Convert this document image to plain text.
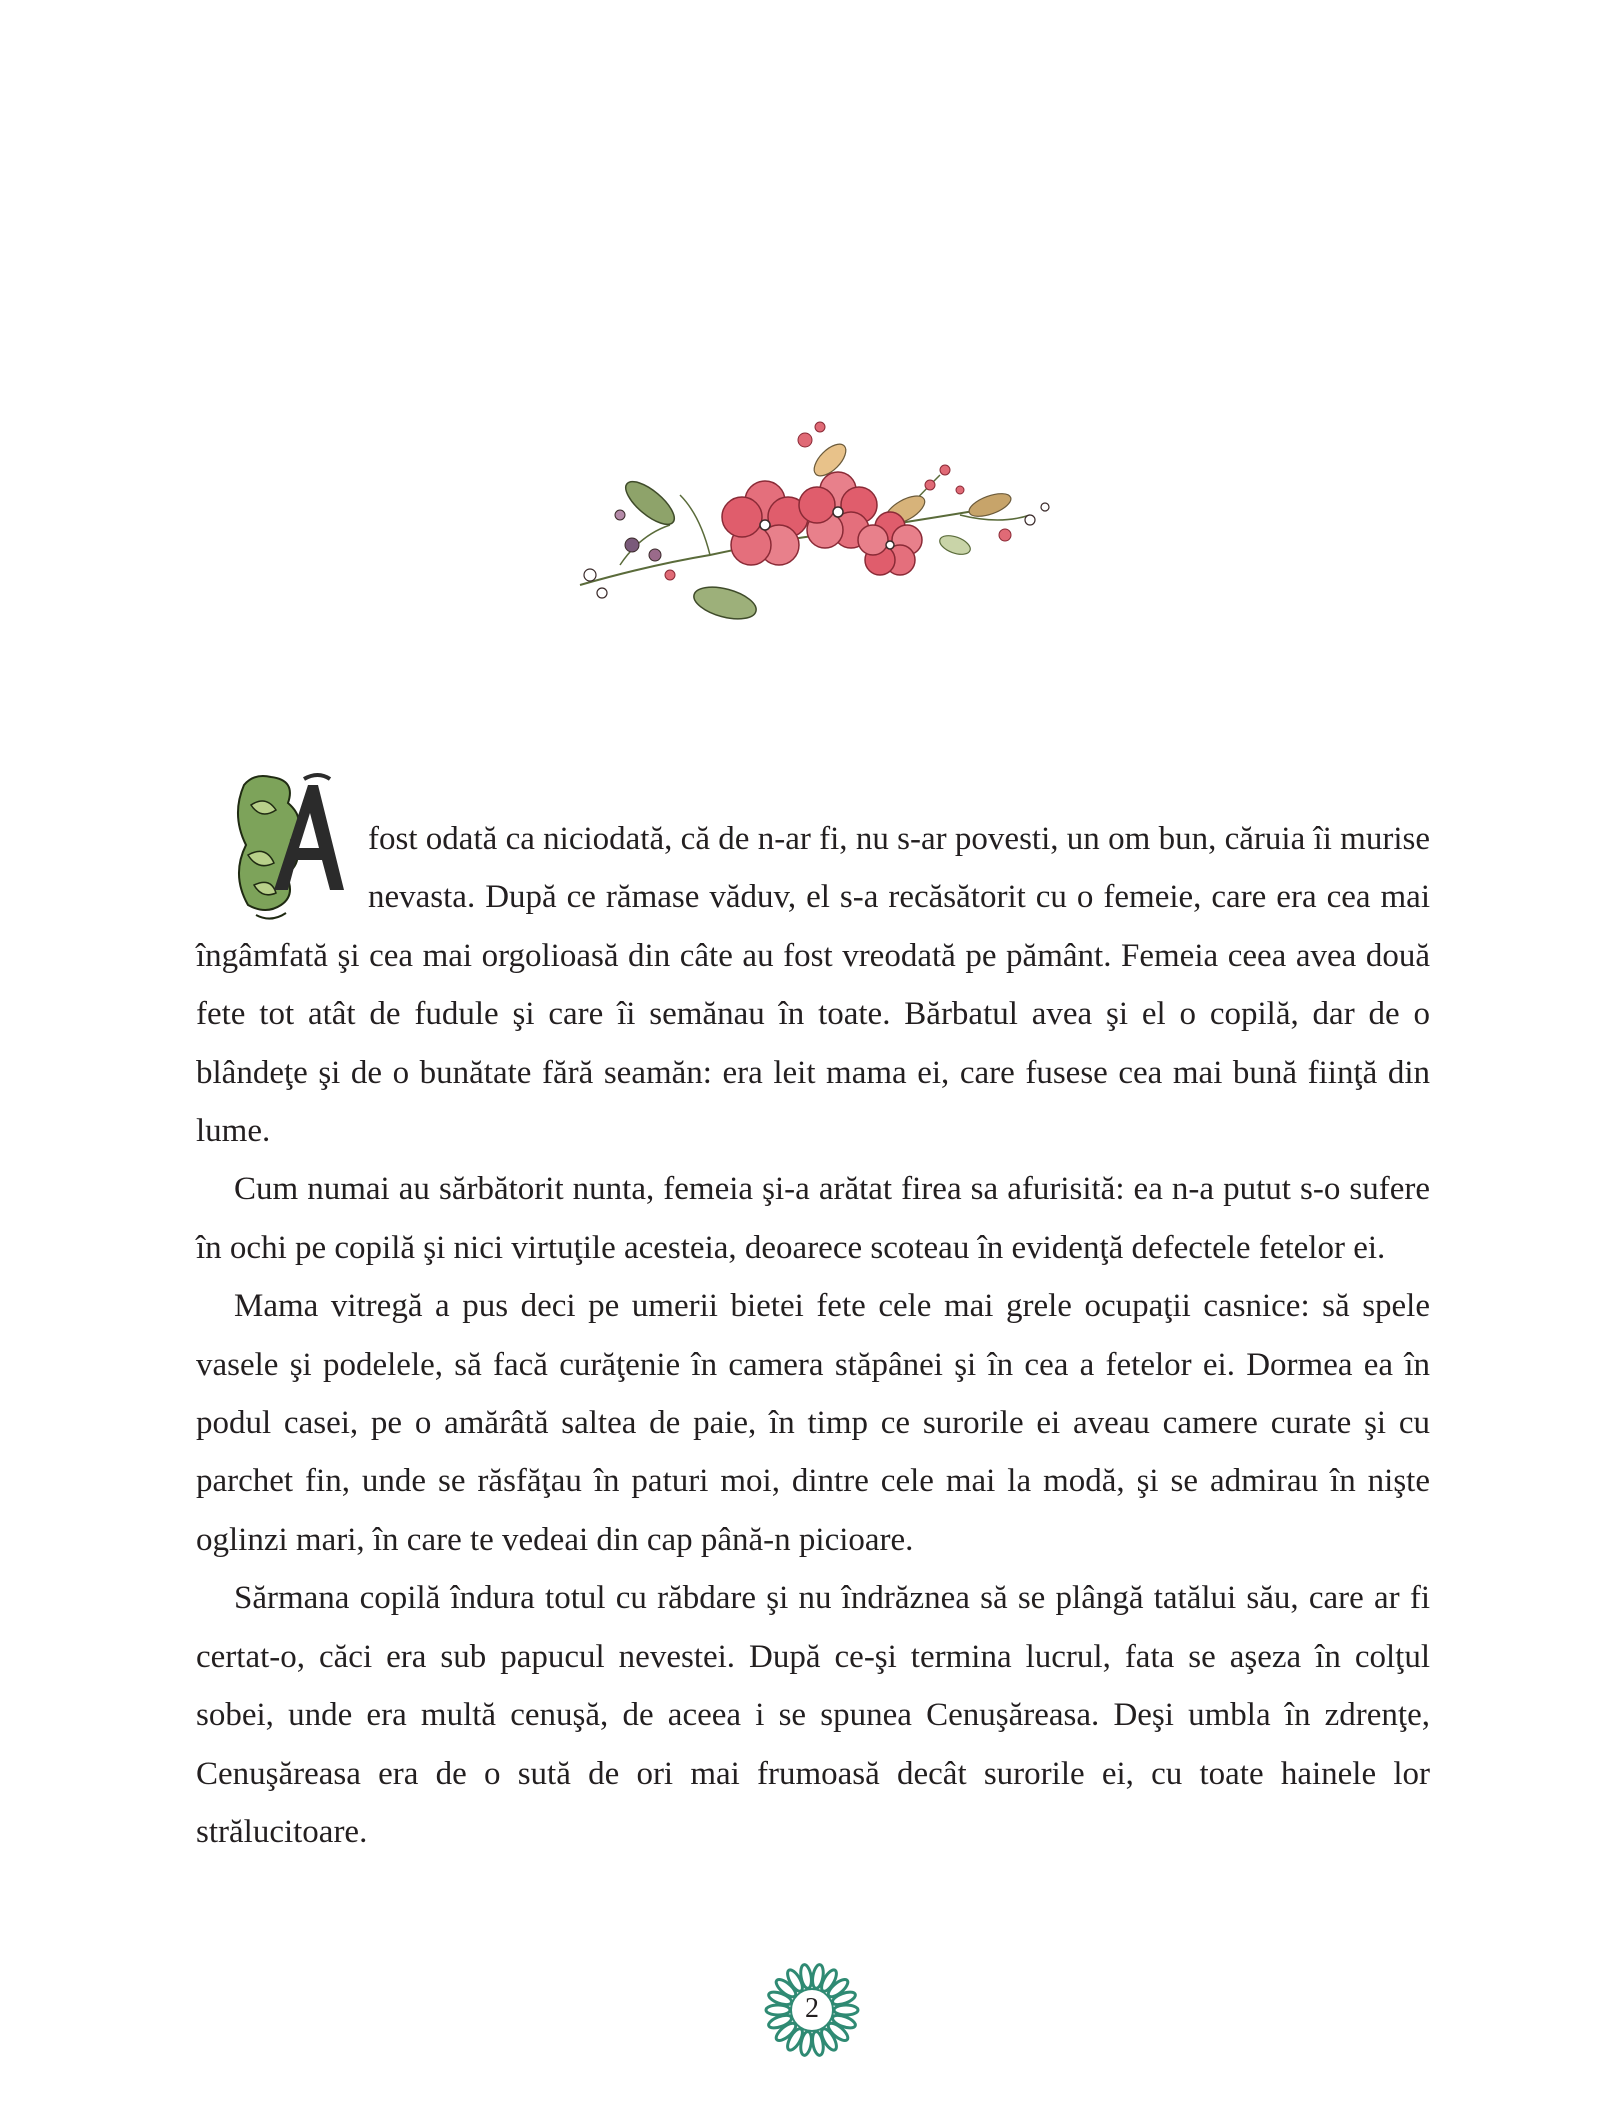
fost odată ca niciodată, că de n-ar fi, nu s-ar povesti, un om bun, căruia îi murise nevasta. După ce rămase văduv, el s-a recăsătorit cu o femeie, care era cea mai îngâmfată şi cea mai orgolioasă din câte au fost vreodată pe pământ. Femeia ceea avea două fete tot atât de fudule şi care îi semănau în toate. Bărbatul avea şi el o copilă, dar de o blândeţe şi de o bunătate fără seamăn: era leit mama ei, care fusese cea mai bună fiinţă din lume.

Cum numai au sărbătorit nunta, femeia şi-a arătat firea sa afurisită: ea n-a putut s-o sufere în ochi pe copilă şi nici virtuţile acesteia, deoarece scoteau în evidenţă defectele fetelor ei.

Mama vitregă a pus deci pe umerii bietei fete cele mai grele ocupaţii casnice: să spele vasele şi podelele, să facă curăţenie în camera stăpânei şi în cea a fetelor ei. Dormea ea în podul casei, pe o amărâtă saltea de paie, în timp ce surorile ei aveau camere curate şi cu parchet fin, unde se răsfăţau în paturi moi, dintre cele mai la modă, şi se admirau în nişte oglinzi mari, în care te vedeai din cap până-n picioare.

Sărmana copilă îndura totul cu răbdare şi nu îndrăznea să se plângă tatălui său, care ar fi certat-o, căci era sub papucul nevestei. După ce-şi termina lucrul, fata se aşeza în colţul sobei, unde era multă cenuşă, de aceea i se spunea Cenuşăreasa. Deşi umbla în zdrenţe, Cenuşăreasa era de o sută de ori mai frumoasă decât surorile ei, cu toate hainele lor strălucitoare.

2
